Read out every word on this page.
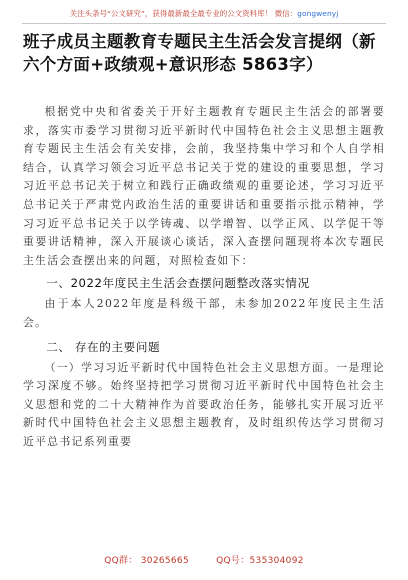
关注头条号“公文研究”，获得最新最全最专业的公文资料库！ 微信：gongwenyj
班子成员主题教育专题民主生活会发言提纲（新六个方面+政绩观+意识形态 5863字）

根据党中央和省委关于开好主题教育专题民主生活会的部署要求，落实市委学习贯彻习近平新时代中国特色社会主义思想主题教育专题民主生活会有关安排，会前，我坚持集中学习和个人自学相结合，认真学习领会习近平总书记关于党的建设的重要思想，学习习近平总书记关于树立和践行正确政绩观的重要论述，学习习近平总书记关于严肃党内政治生活的重要讲话和重要指示批示精神，学习习近平总书记关于以学铸魂、以学增智、以学正风、以学促干等重要讲话精神，深入开展谈心谈话，深入查摆问题现将本次专题民主生活会查摆出来的问题，对照检查如下：

一、2022年度民主生活会查摆问题整改落实情况

由于本人2022年度是科级干部，未参加2022年度民主生活会。

二、 存在的主要问题

（一）学习习近平新时代中国特色社会主义思想方面。一是理论学习深度不够。始终坚持把学习贯彻习近平新时代中国特色社会主义思想和党的二十大精神作为首要政治任务，能够扎实开展习近平新时代中国特色社会主义思想主题教育，及时组织传达学习贯彻习近平总书记系列重要

QQ群： 30265665	QQ号：535304092
